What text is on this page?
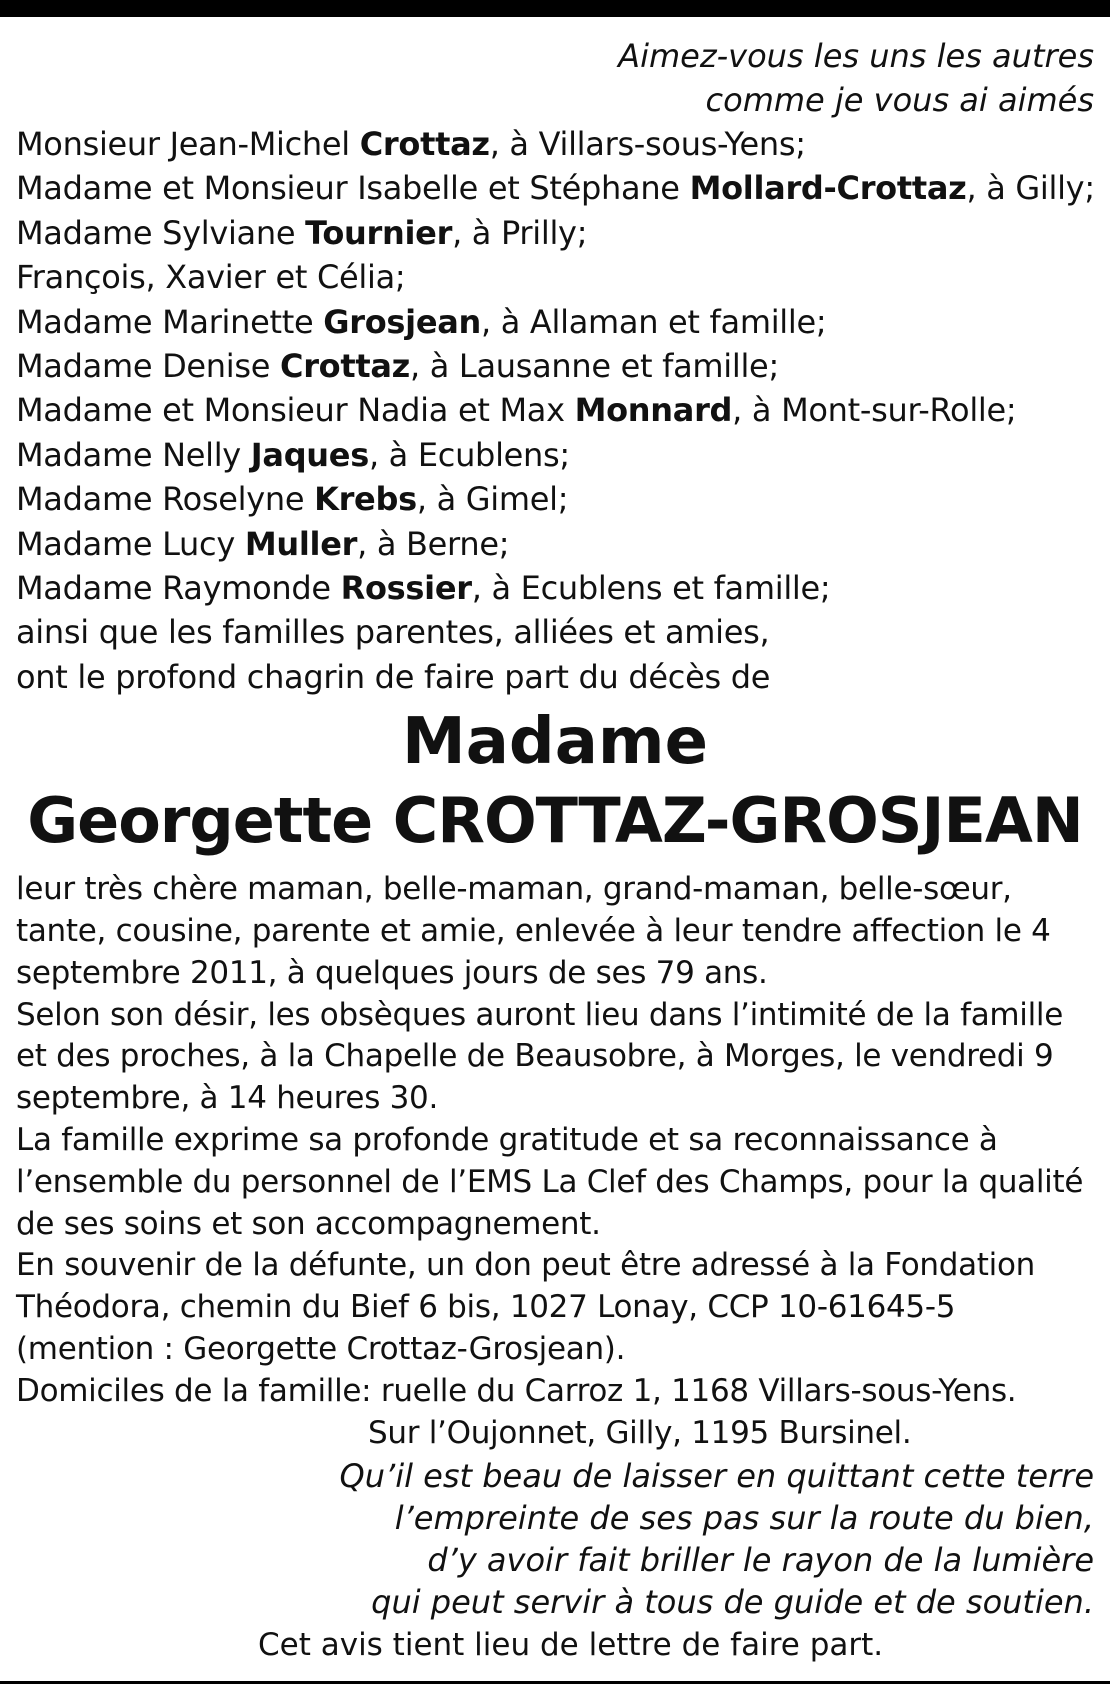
Aimez-vous les uns les autres
comme je vous ai aimés
Monsieur Jean-Michel Crottaz, à Villars-sous-Yens;
Madame et Monsieur Isabelle et Stéphane Mollard-Crottaz, à Gilly;
Madame Sylviane Tournier, à Prilly;
François, Xavier et Célia;
Madame Marinette Grosjean, à Allaman et famille;
Madame Denise Crottaz, à Lausanne et famille;
Madame et Monsieur Nadia et Max Monnard, à Mont-sur-Rolle;
Madame Nelly Jaques, à Ecublens;
Madame Roselyne Krebs, à Gimel;
Madame Lucy Muller, à Berne;
Madame Raymonde Rossier, à Ecublens et famille;
ainsi que les familles parentes, alliées et amies,
ont le profond chagrin de faire part du décès de
Madame
Georgette CROTTAZ-GROSJEAN

leur très chère maman, belle-maman, grand-maman, belle-sœur, tante, cousine, parente et amie, enlevée à leur tendre affection le 4 septembre 2011, à quelques jours de ses 79 ans.

Selon son désir, les obsèques auront lieu dans l’intimité de la famille et des proches, à la Chapelle de Beausobre, à Morges, le vendredi 9 septembre, à 14 heures 30.

La famille exprime sa profonde gratitude et sa reconnaissance à l’ensemble du personnel de l’EMS La Clef des Champs, pour la qualité de ses soins et son accompagnement.

En souvenir de la défunte, un don peut être adressé à la Fondation Théodora, chemin du Bief 6 bis, 1027 Lonay, CCP 10-61645-5 (mention : Georgette Crottaz-Grosjean).

Domiciles de la famille: ruelle du Carroz 1, 1168 Villars-sous-Yens.

Sur l’Oujonnet, Gilly, 1195 Bursinel.

Qu’il est beau de laisser en quittant cette terre
l’empreinte de ses pas sur la route du bien,
d’y avoir fait briller le rayon de la lumière
qui peut servir à tous de guide et de soutien.
Cet avis tient lieu de lettre de faire part.
